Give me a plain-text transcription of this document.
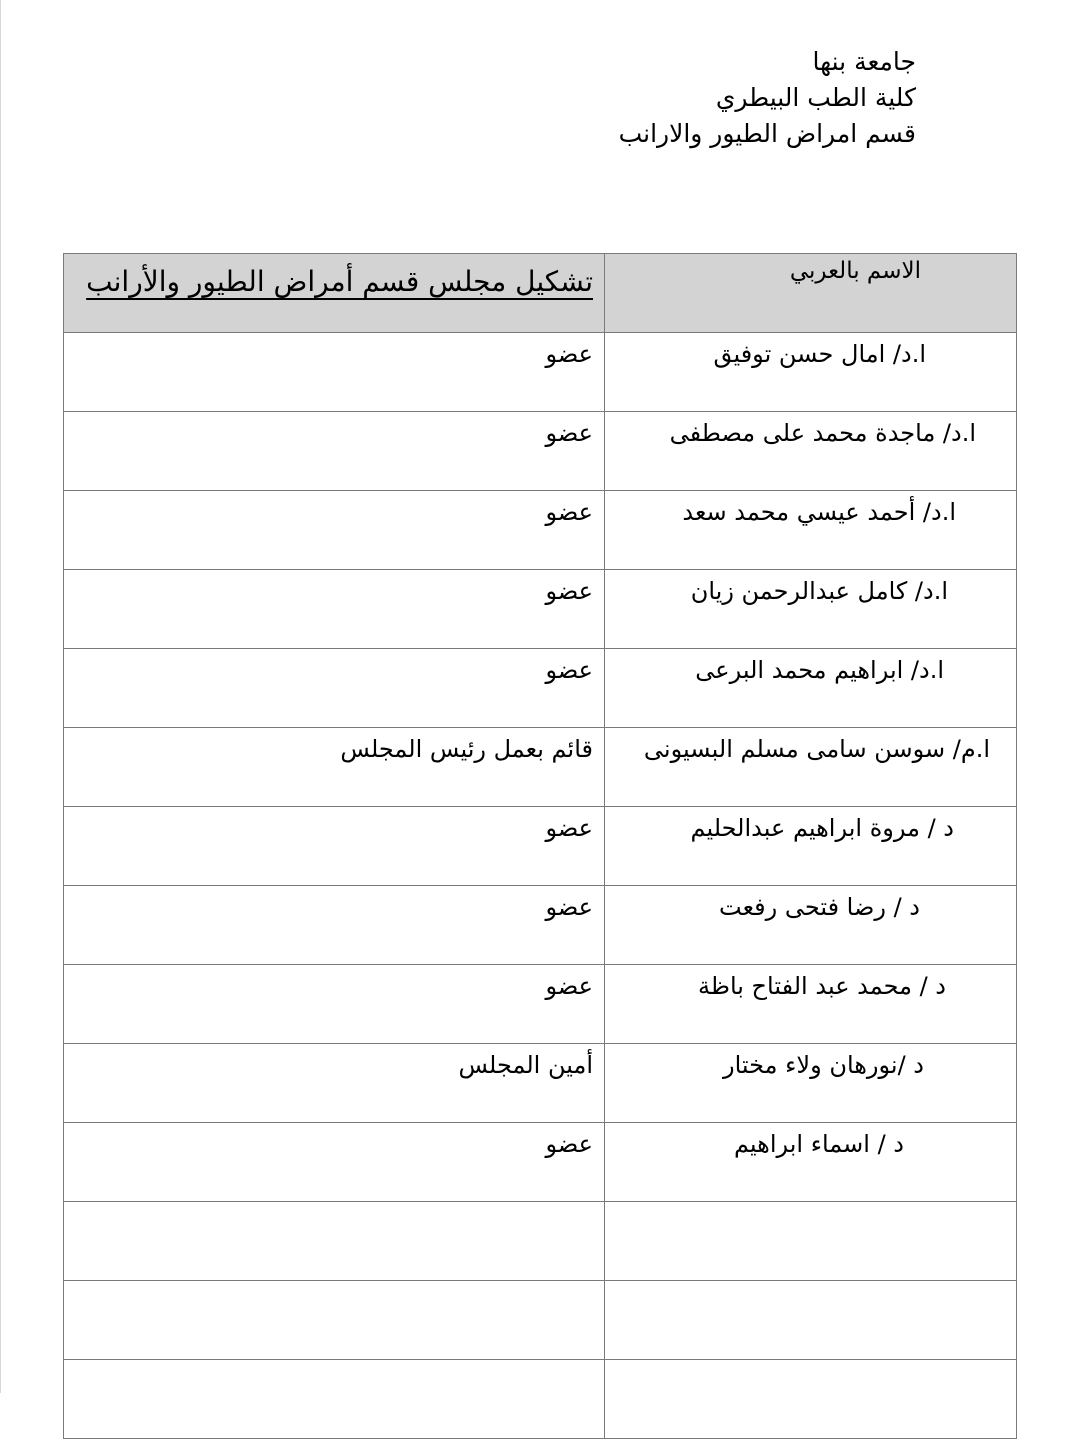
جامعة بنها
كلية الطب البيطري
قسم امراض الطيور والارانب
تشكيل مجلس قسم أمراض الطيور والأرانب	الاسم بالعربي
عضو	ا.د/ امال حسن توفيق
عضو	ا.د/ ماجدة محمد على مصطفى
عضو	ا.د/ أحمد عيسي محمد سعد
عضو	ا.د/ كامل عبدالرحمن زيان
عضو	ا.د/ ابراهيم محمد البرعى
قائم بعمل رئيس المجلس	ا.م/ سوسن سامى مسلم البسيونى
عضو	د / مروة ابراهيم عبدالحليم
عضو	د / رضا فتحى رفعت
عضو	د / محمد عبد الفتاح باظة
أمين المجلس	د /نورهان ولاء مختار
عضو	د / اسماء ابراهيم
